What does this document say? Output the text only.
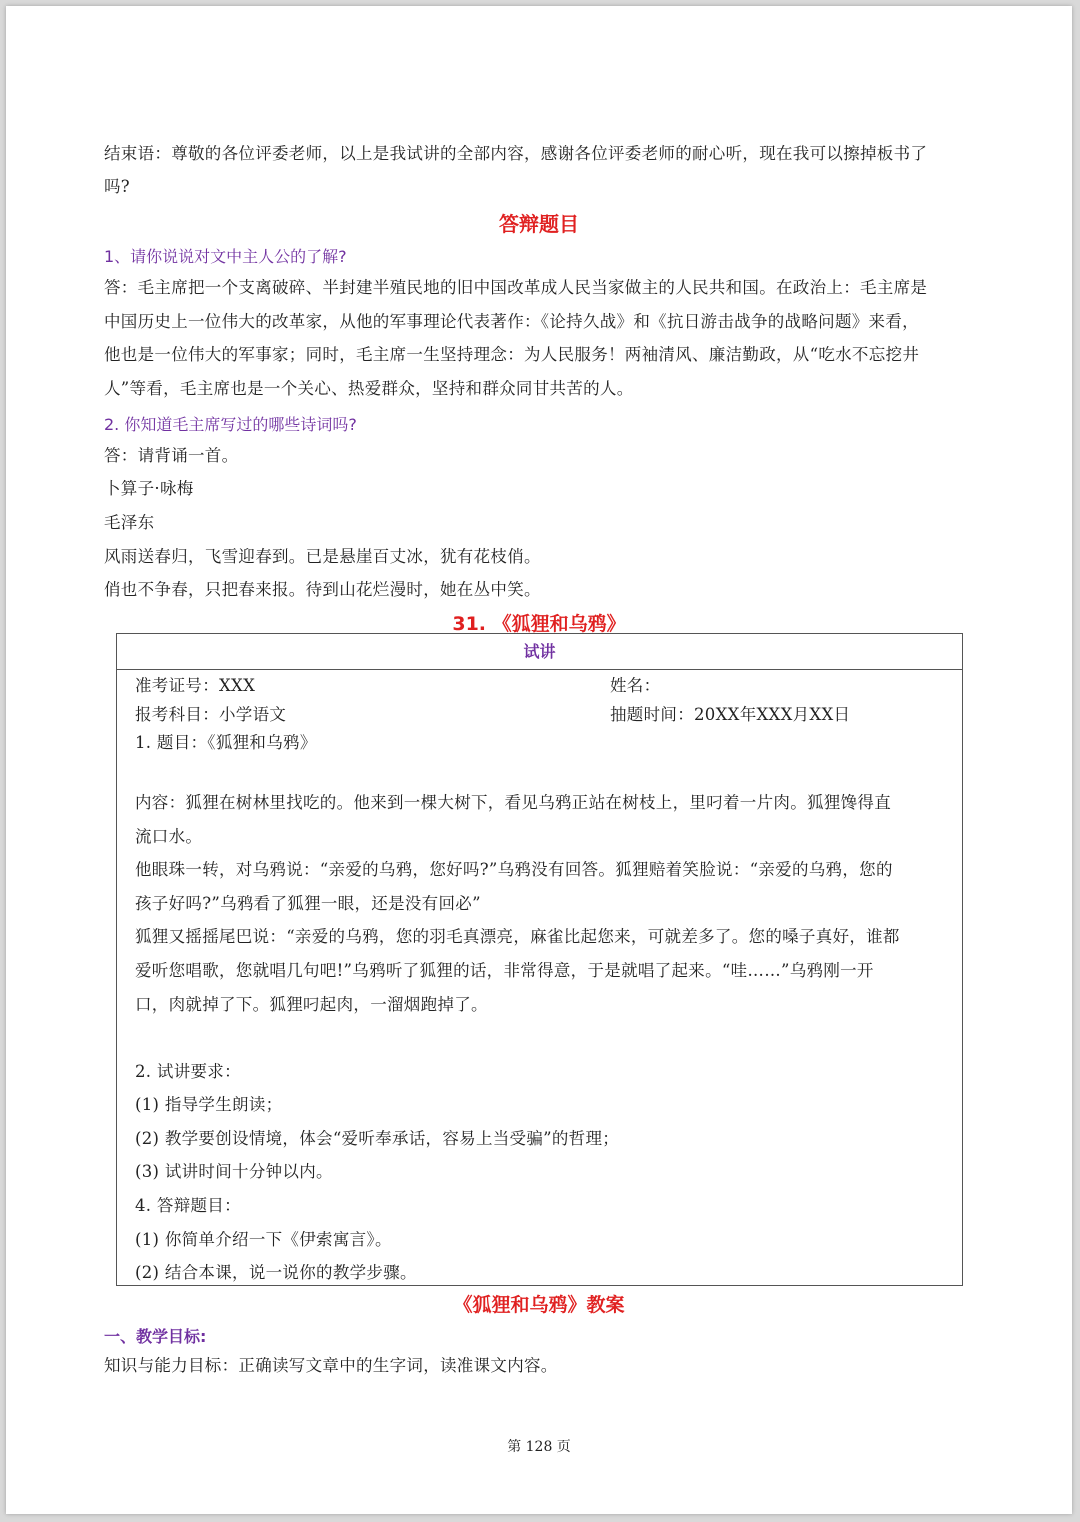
结束语：尊敬的各位评委老师，以上是我试讲的全部内容，感谢各位评委老师的耐心听，现在我可以擦掉板书了
吗?
答辩题目
1、请你说说对文中主人公的了解?
答：毛主席把一个支离破碎、半封建半殖民地的旧中国改革成人民当家做主的人民共和国。在政治上：毛主席是
中国历史上一位伟大的改革家，从他的军事理论代表著作：《论持久战》和《抗日游击战争的战略问题》来看，
他也是一位伟大的军事家；同时，毛主席一生坚持理念：为人民服务！两袖清风、廉洁勤政，从“吃水不忘挖井
人”等看，毛主席也是一个关心、热爱群众，坚持和群众同甘共苦的人。
2. 你知道毛主席写过的哪些诗词吗?
答：请背诵一首。
卜算子·咏梅
毛泽东
风雨送春归，飞雪迎春到。已是悬崖百丈冰，犹有花枝俏。
俏也不争春，只把春来报。待到山花烂漫时，她在丛中笑。
31. 《狐狸和乌鸦》
试讲
准考证号：XXX	姓名：
报考科目：小学语文	抽题时间：20XX年XXX月XX日
1. 题目：《狐狸和乌鸦》
内容：狐狸在树林里找吃的。他来到一棵大树下，看见乌鸦正站在树枝上，里叼着一片肉。狐狸馋得直
流口水。
他眼珠一转，对乌鸦说：“亲爱的乌鸦，您好吗?”乌鸦没有回答。狐狸赔着笑脸说：“亲爱的乌鸦，您的
孩子好吗?”乌鸦看了狐狸一眼，还是没有回必”
狐狸又摇摇尾巴说：“亲爱的乌鸦，您的羽毛真漂亮，麻雀比起您来，可就差多了。您的嗓子真好，谁都
爱听您唱歌，您就唱几句吧!”乌鸦听了狐狸的话，非常得意，于是就唱了起来。“哇……”乌鸦刚一开
口，肉就掉了下。狐狸叼起肉，一溜烟跑掉了。
2. 试讲要求：
(1) 指导学生朗读；
(2) 教学要创设情境，体会“爱听奉承话，容易上当受骗”的哲理；
(3) 试讲时间十分钟以内。
4. 答辩题目：
(1) 你简单介绍一下《伊索寓言》。
(2) 结合本课，说一说你的教学步骤。
《狐狸和乌鸦》教案
一、教学目标:
知识与能力目标：正确读写文章中的生字词，读准课文内容。
第 128 页
